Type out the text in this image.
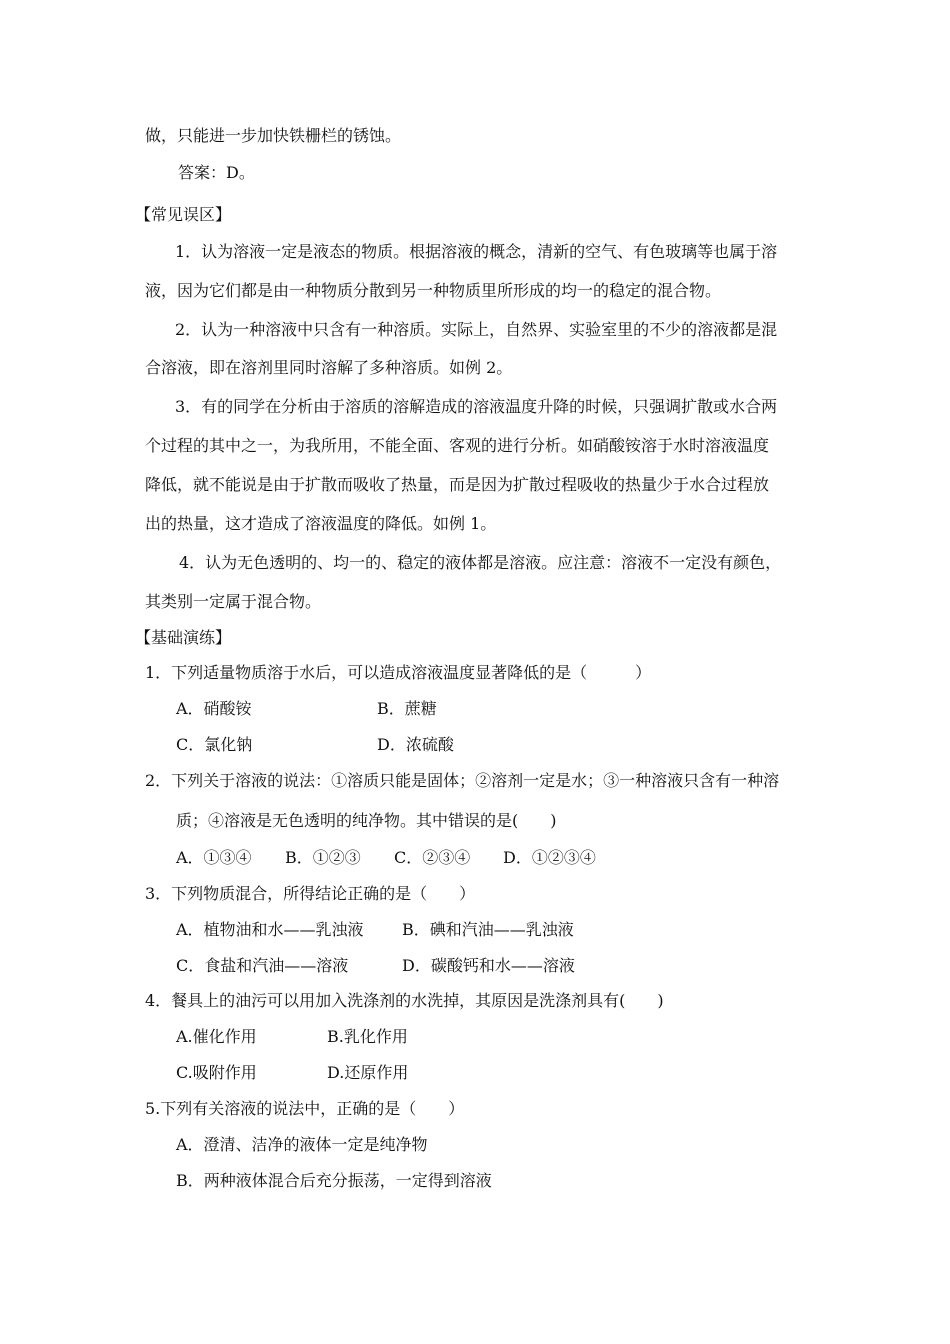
做，只能进一步加快铁栅栏的锈蚀。
答案：D。
【常见误区】
1．认为溶液一定是液态的物质。根据溶液的概念，清新的空气、有色玻璃等也属于溶
液，因为它们都是由一种物质分散到另一种物质里所形成的均一的稳定的混合物。
2．认为一种溶液中只含有一种溶质。实际上，自然界、实验室里的不少的溶液都是混
合溶液，即在溶剂里同时溶解了多种溶质。如例 2。
3．有的同学在分析由于溶质的溶解造成的溶液温度升降的时候，只强调扩散或水合两
个过程的其中之一，为我所用，不能全面、客观的进行分析。如硝酸铵溶于水时溶液温度
降低，就不能说是由于扩散而吸收了热量，而是因为扩散过程吸收的热量少于水合过程放
出的热量，这才造成了溶液温度的降低。如例 1。
4．认为无色透明的、均一的、稳定的液体都是溶液。应注意：溶液不一定没有颜色，
其类别一定属于混合物。
【基础演练】
1．下列适量物质溶于水后，可以造成溶液温度显著降低的是（　　　）
A．硝酸铵	B．蔗糖
C．氯化钠	D．浓硫酸
2．下列关于溶液的说法：①溶质只能是固体；②溶剂一定是水；③一种溶液只含有一种溶
质；④溶液是无色透明的纯净物。其中错误的是(　　)
A．①③④ B．①②③ C．②③④ D．①②③④
3．下列物质混合，所得结论正确的是（　　）
A．植物油和水——乳浊液 B．碘和汽油——乳浊液
C．食盐和汽油——溶液	D．碳酸钙和水——溶液
4．餐具上的油污可以用加入洗涤剂的水洗掉，其原因是洗涤剂具有(　　)
A.催化作用	B.乳化作用
C.吸附作用	D.还原作用
5.下列有关溶液的说法中，正确的是（　　）
A．澄清、洁净的液体一定是纯净物
B．两种液体混合后充分振荡，一定得到溶液
